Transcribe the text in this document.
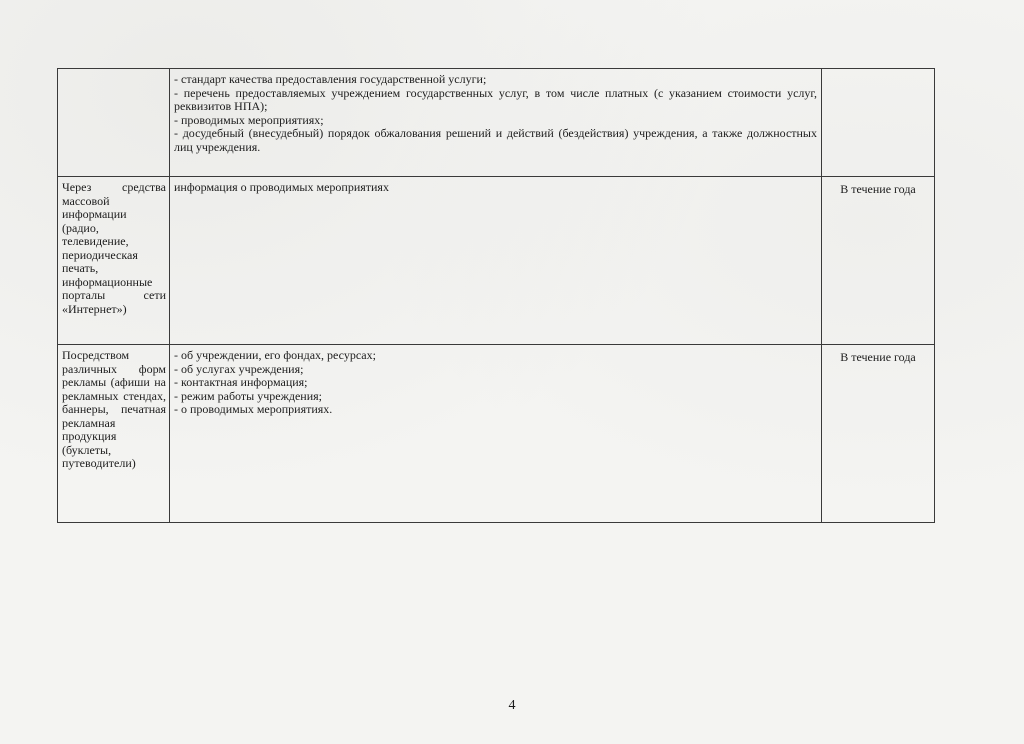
	- стандарт качества предоставления государственной услуги;

- перечень предоставляемых учреждением государственных услуг, в том числе платных (с указанием стоимости услуг, реквизитов НПА);

- проводимых мероприятиях;

- досудебный (внесудебный) порядок обжалования решений и действий (бездействия) учреждения, а также должностных лиц учреждения.	

Через средства массовой информации (радио, телевидение, периодическая печать, информационные порталы сети «Интернет»)	информация о проводимых мероприятиях	В течение года
Посредством различных форм рекламы (афиши на рекламных стендах, баннеры, печатная рекламная продукция (буклеты, путеводители)	- об учреждении, его фондах, ресурсах;

- об услугах учреждения;

- контактная информация;

- режим работы учреждения;

- о проводимых мероприятиях.	В течение года
4
